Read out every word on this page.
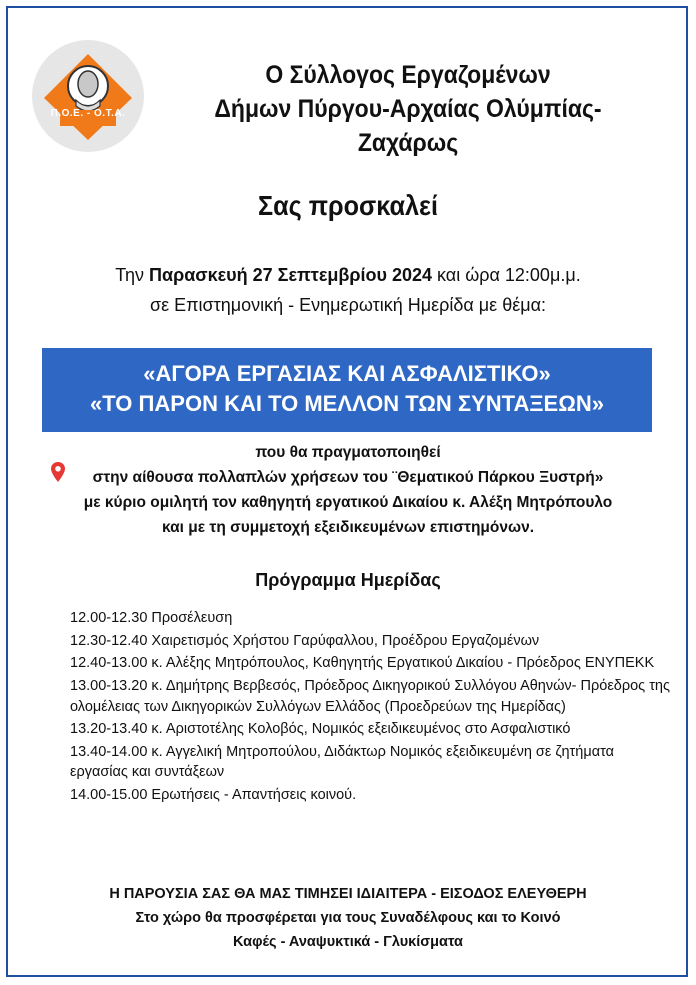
Π.Ο.Ε. - Ο.Τ.Α.
Ο Σύλλογος Εργαζομένων
Δήμων Πύργου-Αρχαίας Ολύμπίας-Ζαχάρως
Σας προσκαλεί
Την Παρασκευή 27 Σεπτεμβρίου 2024 και ώρα 12:00μ.μ.
σε Επιστημονική - Ενημερωτική Ημερίδα με θέμα:
«ΑΓΟΡΑ ΕΡΓΑΣΙΑΣ ΚΑΙ ΑΣΦΑΛΙΣΤΙΚΟ»
«ΤΟ ΠΑΡΟΝ ΚΑΙ ΤΟ ΜΕΛΛΟΝ ΤΩΝ ΣΥΝΤΑΞΕΩΝ»
που θα πραγματοποιηθεί
στην αίθουσα πολλαπλών χρήσεων του ¨Θεματικού Πάρκου Ξυστρή»
με κύριο ομιλητή τον καθηγητή εργατικού Δικαίου κ. Αλέξη Μητρόπουλο
και με τη συμμετοχή εξειδικευμένων επιστημόνων.
Πρόγραμμα Ημερίδας
12.00-12.30 Προσέλευση
12.30-12.40 Χαιρετισμός Χρήστου Γαρύφαλλου, Προέδρου Εργαζομένων
12.40-13.00 κ. Αλέξης Μητρόπουλος, Καθηγητής Εργατικού Δικαίου - Πρόεδρος ΕΝΥΠΕΚΚ
13.00-13.20 κ. Δημήτρης Βερβεσός, Πρόεδρος Δικηγορικού Συλλόγου Αθηνών- Πρόεδρος της ολομέλειας των Δικηγορικών Συλλόγων Ελλάδος (Προεδρεύων της Ημερίδας)
13.20-13.40 κ. Αριστοτέλης Κολοβός, Νομικός εξειδικευμένος στο Ασφαλιστικό
13.40-14.00 κ. Αγγελική Μητροπούλου, Διδάκτωρ Νομικός εξειδικευμένη σε ζητήματα εργασίας και συντάξεων
14.00-15.00 Ερωτήσεις - Απαντήσεις κοινού.
Η ΠΑΡΟΥΣΙΑ ΣΑΣ ΘΑ ΜΑΣ ΤΙΜΗΣΕΙ ΙΔΙΑΙΤΕΡΑ - ΕΙΣΟΔΟΣ ΕΛΕΥΘΕΡΗ
Στο χώρο θα προσφέρεται για τους Συναδέλφους και το Κοινό
Καφές - Αναψυκτικά - Γλυκίσματα
